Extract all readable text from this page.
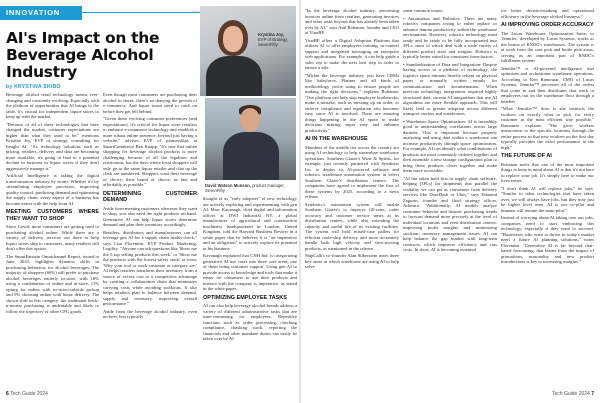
INNOVATION
AI's Impact on the Beverage Alcohol Industry
by KRYSTINA SKIBO
Krystina Joy,
EVP of strategy, SevenFifty

Beverage alcohol retail technology means ever-changing and constantly evolving. Especially with the plethora of opportunities that AI brings to the table, it's crucial for independent liquor stores to keep up with the market.

"Because of all of these technologies that have changed the market, customer expectations are higher than what they used to be," mentions Kristina Joy, EVP of strategy consulting for Insight AI. "As technology solutions such as pricing, retailers, delivery and data are becoming more available, it's going to lead to a potential decline in business in liquor stores if they don't aggressively manage it."

Artificial Intelligence is taking the digital transformation industry by storm. Whether it's by streamlining employee processes, improving quality control, predicting demand and optimizing the supply chain, every aspect of a business has become easier with the help from AI.

MEETING CUSTOMERS WHERE THEY WANT TO SHOP

Since Covid, more consumers are getting used to purchasing alcohol online. While there are a variety of delivery services out there to help liquor stores ship to customers, many retailers still don't offer this option.

The SmartEatstein Omnichannel Report, issued in June 2023, highlights dynamic shifts in purchasing behaviors for alcohol beverages. The majority of shoppers (66%) still prefer to purchase alcohol beverages entirely in-store, with 18% using a combination of online and in-store, 11% opting for online with in-store/curbside pickup and 9% choosing online with home delivery. The shown shift in this category, the traditional brick-n-mortar purchasing is undeniable and likely to follow the trajectory of other CPG goods.

Even though most consumers are purchasing their alcohol in stores, there's no denying the growth of e-commerce. And liquor stores need to catch on before they get left behind.

"Given these evolving consumer preferences [and expectations], it's critical for liquor store retailers to embrace e-commerce technology and establish a more robust online presence, beyond just having a website," advises EVP of partnerships at SmartCommerce Ben Knapp. "It's true that online shopping for beverage alcohol products is more challenging because of all the legalities and restrictions, but the days where local shoppers will only go to the same liquor retailer and chat up the clerk are numbered. Shoppers want their beverage of choice, their brand of choice, as fast and affordably as possible."

DETERMINING CUSTOMER DEMAND

Aside from meeting customers wherever they want to shop, you also need the right products on hand. Generative AI can help liquor stores determine demand and plan their inventory accordingly.

Retailers, distributors and manufacturers can all leverage gen AI for a supply chain health check," says Lisa Florentini, EVP Product Marketing, Logility. "Anyone can ask questions like 'Show me the 5 top selling products this week,' or 'Show me the products with the lowest safety stock' or even, 'Why your tool or work customer or category are.' AI helps retailers transform their inventory from a source of excess cost to a competitive advantage by creating a collaboration chain that minimizes carrying costs while avoiding stockouts. It also helps retailers plan to balance between demand, supply and inventory, improving overall performance."

Aside from the beverage alcohol industry, even no-beer, less typically

David Watson Munson, product manager, SevenFifty

thought of as "early adopters" of new technology are actively exploring and experimenting with gen AI. Marc Kavanagh, chief digital and information officer at DWI Industrial NV, a global manufacturer of agricultural and construction machinery headquartered in London, United Kingdom, told the Harvard Business Review in a white paper that he believes it is "an imperative and an obligation" to actively explore its potential in his business.

Kavanagh explained that CNH Ind. is categorizing generative AI use cases into three core areas, one of them being customer support. Using gen AI to provide access to knowledge and tools that make it easier for customers to use their products and interact with the company is imperative, as stated in the white paper.

OPTIMIZING EMPLOYEE TASKS

AI can also help beverage alcohol brands address a variety of different administrative tasks that are time-consuming for employees. Repetitive functions such as order processing, checking compliance, chasking stock, reporting the financials and other mundane duties can easily be taken over by AI.

"In the beverage alcohol industry, processing invoices online from retailers, generating invoices and other tasks beyond that has already been taken over by AI," says Anil Rohanan, founder and CEO at VinoBP.

VinoBP offers a Digital Adoption Platform that utilizes AI to offer employees training, in-context support and integrated messaging on enterprise web applications. For example, it can help guide a sales rep to make the next best step in order to ensure a sale.

"Within the beverage industry, you have CRMs like Salesforce, Planner and all kinds of methodology you're using to ensure people are making the right decisions," explains Rohanan. "Our platform can help stop employee bottlenecks, make a mistake, such as messing up an order, or enforce compliance and regulation also becomes easy since AI is involved. There are amazing things happening in the AI space to make decisions making super easy and enhance productivity."

AI IN THE WAREHOUSE

Members of the middle tier across the country are using AI technology to help streamline warehouse operations. Southern Glazer's Wine & Spirits, for example, just recently partnered with Symbotic Inc. to deploy its AI-powered software and robotics warehouse automation system in select Southern Glazer's distribution centers. The companies have agreed to implement the first of these systems by 2025, according to a news release.

Symbotic's automation system will enable Southern Glazer's to improve fill-rates, order accuracy and customer service times at its distribution centers, while also extending the capacity and useful life of its existing facilities. The system will hold mixed-case pallets for efficient route-ship delivery and more accurately handle both high velocity and slow-moving products, as mentioned in the release.

ShipCalk's co-founder Alan Silberstein notes three key areas in which warehouse are using AI to help solve

some common issues:

• Automation and Robotics: There are many robotics companies trying to either replace or enhance human productivity within the warehouse environment. However, robotics technology must ready and be ready to be fully incorporated into 3PLs, most of which deal with a wide variety of different product sizes and weights. Robotics is typically better suited for consistent form-factors.

• Standardization of Data and Integration: Despite having access to a plethora of technology, the logistics space remains heavily reliant on physical paper or manually written emails for communication and documentation. When previous technology integrations required highly structured data, current AI integrations that use AI algorithms are more flexible approach. This will likely lead to greater adoption across different transport carriers and warehouses.

• Warehouse Space Optimization: AI is incredibly good at understanding correlations across large datasets. This is important because properly analyzing and using data within a warehouse can increase productivity through space optimization. For example, AI can identify what combinations of products are most commonly ordered together and then assemble a new storage configuration plan to bring those products closer together and make them more accessible.

"AI has taken hold first in supply chain software, helping [3PLs] for shipments that parallel the visibility we can get as consumers from delivery services like DoorDash or Uber," says Edmund Zagorin, founder and chief strategy officer, Arkestro. "Additionally, AI models analyze consumer behavior and historic purchasing trends to forecast demand more precisely at the level of individual locations and even distribution centers, improving profit margins and minimizing stockout, inventory management issues. AI can help balance the gap market with long-term contracts, which improves efficiency and cuts costs. In short, AI is becoming essential

for better decision-making and operational efficiency in the beverage alcohol business."

AI IMPROVING ORDER ACCURACY

The Lucas Warehouse Optimization Suite, or 'Jennifer,' developed by Lucas Systems, works as the brains of RNDC's warehouses. The system is at work from the case pick and bottle pick areas, serving as an important part of RNDC's fulfillment system.

Jennifer™ is AI-powered intelligence that optimizes and orchestrates warehouse operations. According to Ken Ramoutar, CMO of Lucas Systems, Jennifer™ processes all of the orders that come in and then distributes that work to employees out on the warehouse floor through a headset.

"What 'Jennifer™' does is she instructs the workers on exactly what to pick for every customer in the most efficient way possible," Ramoutar explains. "She gives workers instructions to the specific locations through the entire process so that new workers on the first day typically provides the exact performance to the high."

THE FUTURE OF AI

Rohanan notes that one of the most important things to keep in mind about AI is that it's not here to replace your job. It's simply here to make our lives easier.

"I don't think AI will replace jobs," he says. "Similar to other technologies that have taken over, we will always have jobs, but they may just be higher level ones. AI is our co-pilot and humans will remain the main pilot."

Instead of worrying about AI taking over our jobs, companies need to start embracing this technology, especially if they want to succeed. "Businesses who want to thrive in today's market need a future AI planning solutions," notes Florentini. "Generative AI is far beyond chat-based forecasting, that learns from the impact of promotions, seasonality and new product introductions is key to increasing margins."

6 Tech Guide 2024	Tech Guide 2024 7
